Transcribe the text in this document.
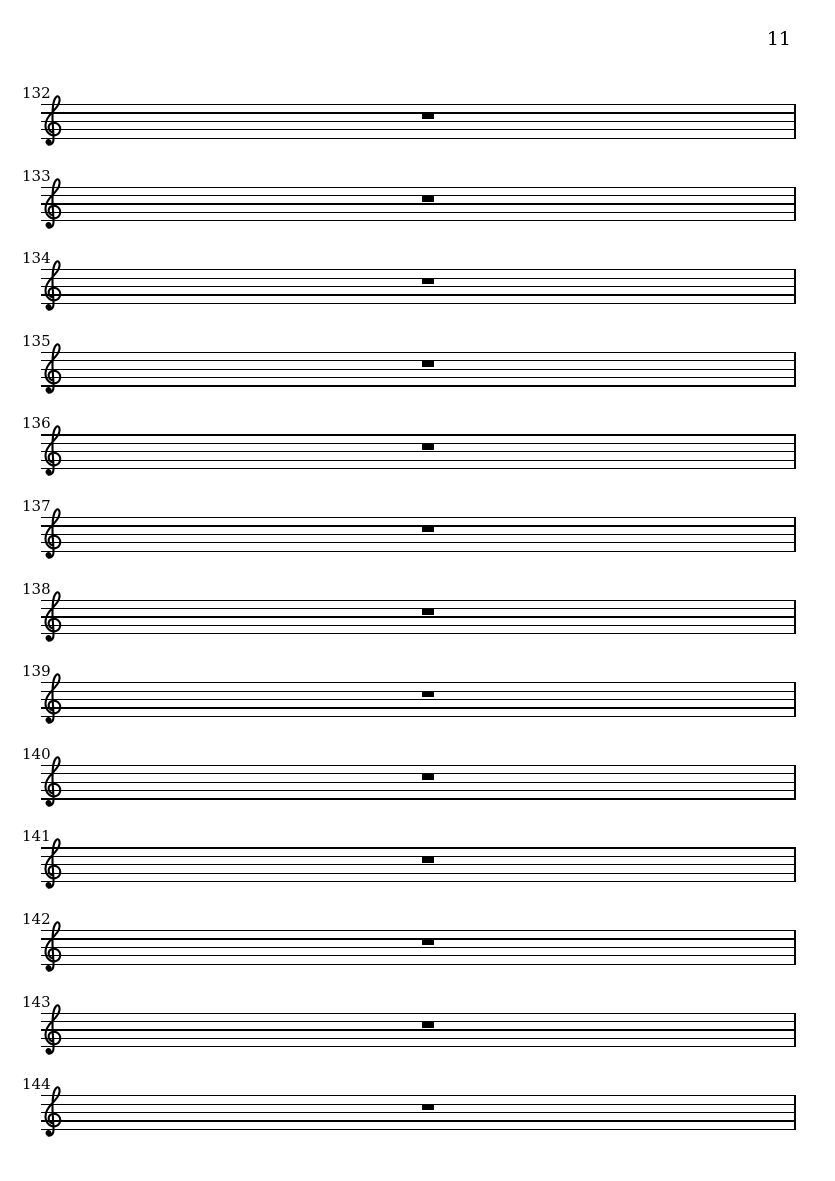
11
132
133
134
135
136
137
138
139
140
141
142
143
144
